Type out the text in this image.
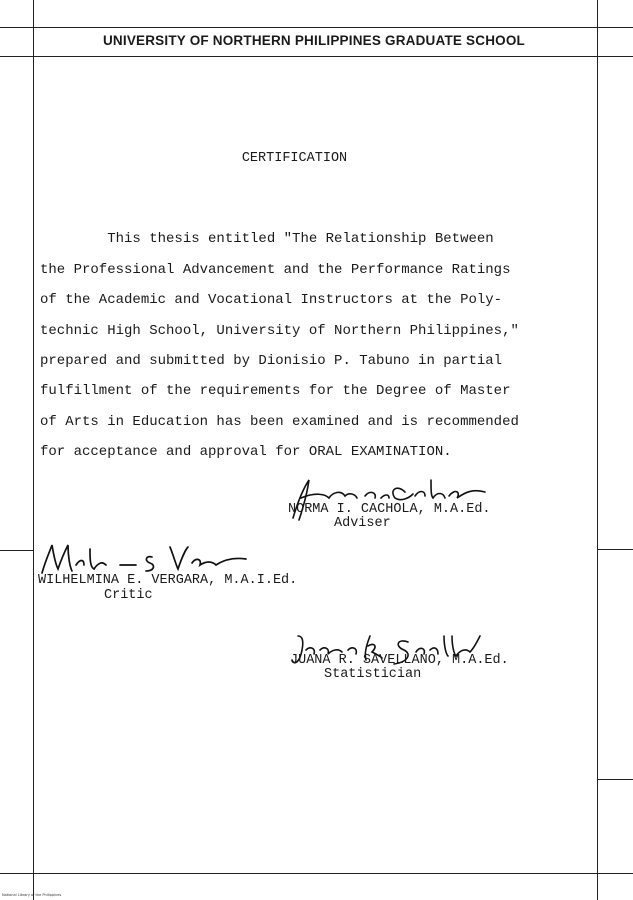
UNIVERSITY OF NORTHERN PHILIPPINES GRADUATE SCHOOL
CERTIFICATION

This thesis entitled "The Relationship Between
the Professional Advancement and the Performance Ratings
of the Academic and Vocational Instructors at the Poly-
technic High School, University of Northern Philippines,"
prepared and submitted by Dionisio P. Tabuno in partial
fulfillment of the requirements for the Degree of Master
of Arts in Education has been examined and is recommended
for acceptance and approval for ORAL EXAMINATION.

NORMA I. CACHOLA, M.A.Ed.
Adviser
WILHELMINA E. VERGARA, M.A.I.Ed.
Critic
JUANA R. SAVELLANO, M.A.Ed.
Statistician
National Library of the Philippines
